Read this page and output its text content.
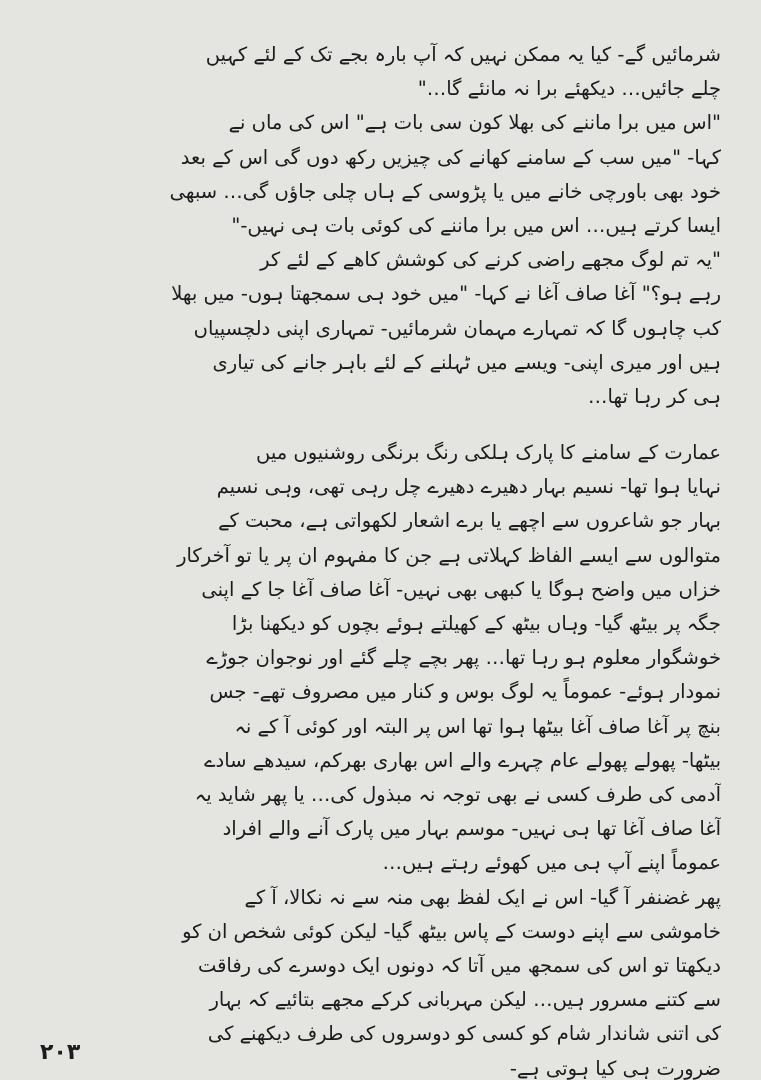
شرمائیں گے- کیا یہ ممکن نہیں کہ آپ بارہ بجے تک کے لئے کہیں
چلے جائیں… دیکھئے برا نہ مانئے گا…"
"اس میں برا ماننے کی بھلا کون سی بات ہے" اس کی ماں نے
کہا- "میں سب کے سامنے کھانے کی چیزیں رکھ دوں گی اس کے بعد
خود بھی باورچی خانے میں یا پڑوسی کے ہاں چلی جاؤں گی… سبھی
ایسا کرتے ہیں… اس میں برا ماننے کی کوئی بات ہی نہیں-"
"یہ تم لوگ مجھے راضی کرنے کی کوشش کاھے کے لئے کر
رہے ہو؟" آغا صاف آغا نے کہا- "میں خود ہی سمجھتا ہوں- میں بھلا
کب چاہوں گا کہ تمہارے مہمان شرمائیں- تمہاری اپنی دلچسپیاں
ہیں اور میری اپنی- ویسے میں ٹہلنے کے لئے باہر جانے کی تیاری
ہی کر رہا تھا…
عمارت کے سامنے کا پارک ہلکی رنگ برنگی روشنیوں میں
نہایا ہوا تھا- نسیم بہار دھیرے دھیرے چل رہی تھی، وہی نسیم
بہار جو شاعروں سے اچھے یا برے اشعار لکھواتی ہے، محبت کے
متوالوں سے ایسے الفاظ کہلاتی ہے جن کا مفہوم ان پر یا تو آخرکار
خزاں میں واضح ہوگا یا کبھی بھی نہیں- آغا صاف آغا جا کے اپنی
جگہ پر بیٹھ گیا- وہاں بیٹھ کے کھیلتے ہوئے بچوں کو دیکھنا بڑا
خوشگوار معلوم ہو رہا تھا… پھر بچے چلے گئے اور نوجوان جوڑے
نمودار ہوئے- عموماً یہ لوگ بوس و کنار میں مصروف تھے- جس
بنچ پر آغا صاف آغا بیٹھا ہوا تھا اس پر البتہ اور کوئی آ کے نہ
بیٹھا- پھولے پھولے عام چہرے والے اس بھاری بھرکم، سیدھے سادے
آدمی کی طرف کسی نے بھی توجہ نہ مبذول کی… یا پھر شاید یہ
آغا صاف آغا تھا ہی نہیں- موسم بہار میں پارک آنے والے افراد
عموماً اپنے آپ ہی میں کھوئے رہتے ہیں…
پھر غضنفر آ گیا- اس نے ایک لفظ بھی منہ سے نہ نکالا، آ کے
خاموشی سے اپنے دوست کے پاس بیٹھ گیا- لیکن کوئی شخص ان کو
دیکھتا تو اس کی سمجھ میں آتا کہ دونوں ایک دوسرے کی رفاقت
سے کتنے مسرور ہیں… لیکن مہربانی کرکے مجھے بتائیے کہ بہار
کی اتنی شاندار شام کو کسی کو دوسروں کی طرف دیکھنے کی
ضرورت ہی کیا ہوتی ہے-
۲۰۳
